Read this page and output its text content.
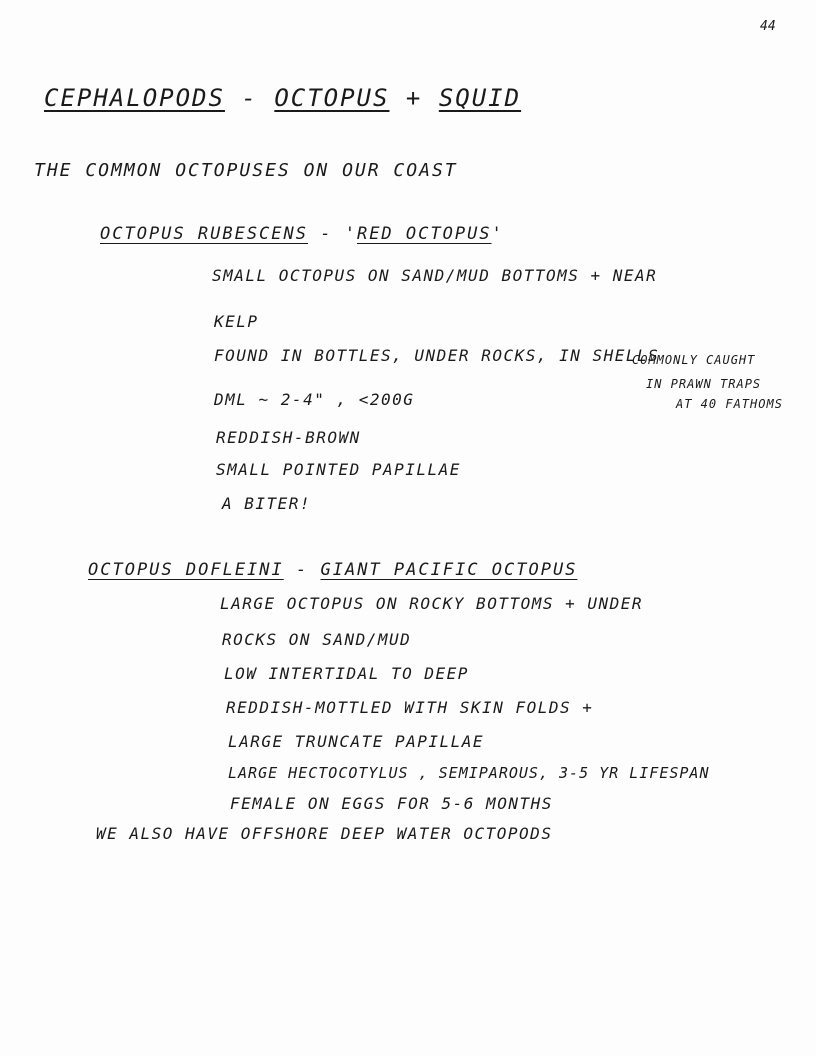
44
CEPHALOPODS - OCTOPUS + SQUID
THE COMMON OCTOPUSES ON OUR COAST
OCTOPUS RUBESCENS - 'RED OCTOPUS'
SMALL OCTOPUS ON SAND/MUD BOTTOMS + NEAR
KELP
FOUND IN BOTTLES, UNDER ROCKS, IN SHELLS
DML ~ 2-4" , <200G
REDDISH-BROWN
SMALL POINTED PAPILLAE
A BITER!
COMMONLY CAUGHT
IN PRAWN TRAPS
AT 40 FATHOMS
OCTOPUS DOFLEINI - GIANT PACIFIC OCTOPUS
LARGE OCTOPUS ON ROCKY BOTTOMS + UNDER
ROCKS ON SAND/MUD
LOW INTERTIDAL TO DEEP
REDDISH-MOTTLED WITH SKIN FOLDS +
LARGE TRUNCATE PAPILLAE
LARGE HECTOCOTYLUS , SEMIPAROUS, 3-5 YR LIFESPAN
FEMALE ON EGGS FOR 5-6 MONTHS
WE ALSO HAVE OFFSHORE DEEP WATER OCTOPODS
